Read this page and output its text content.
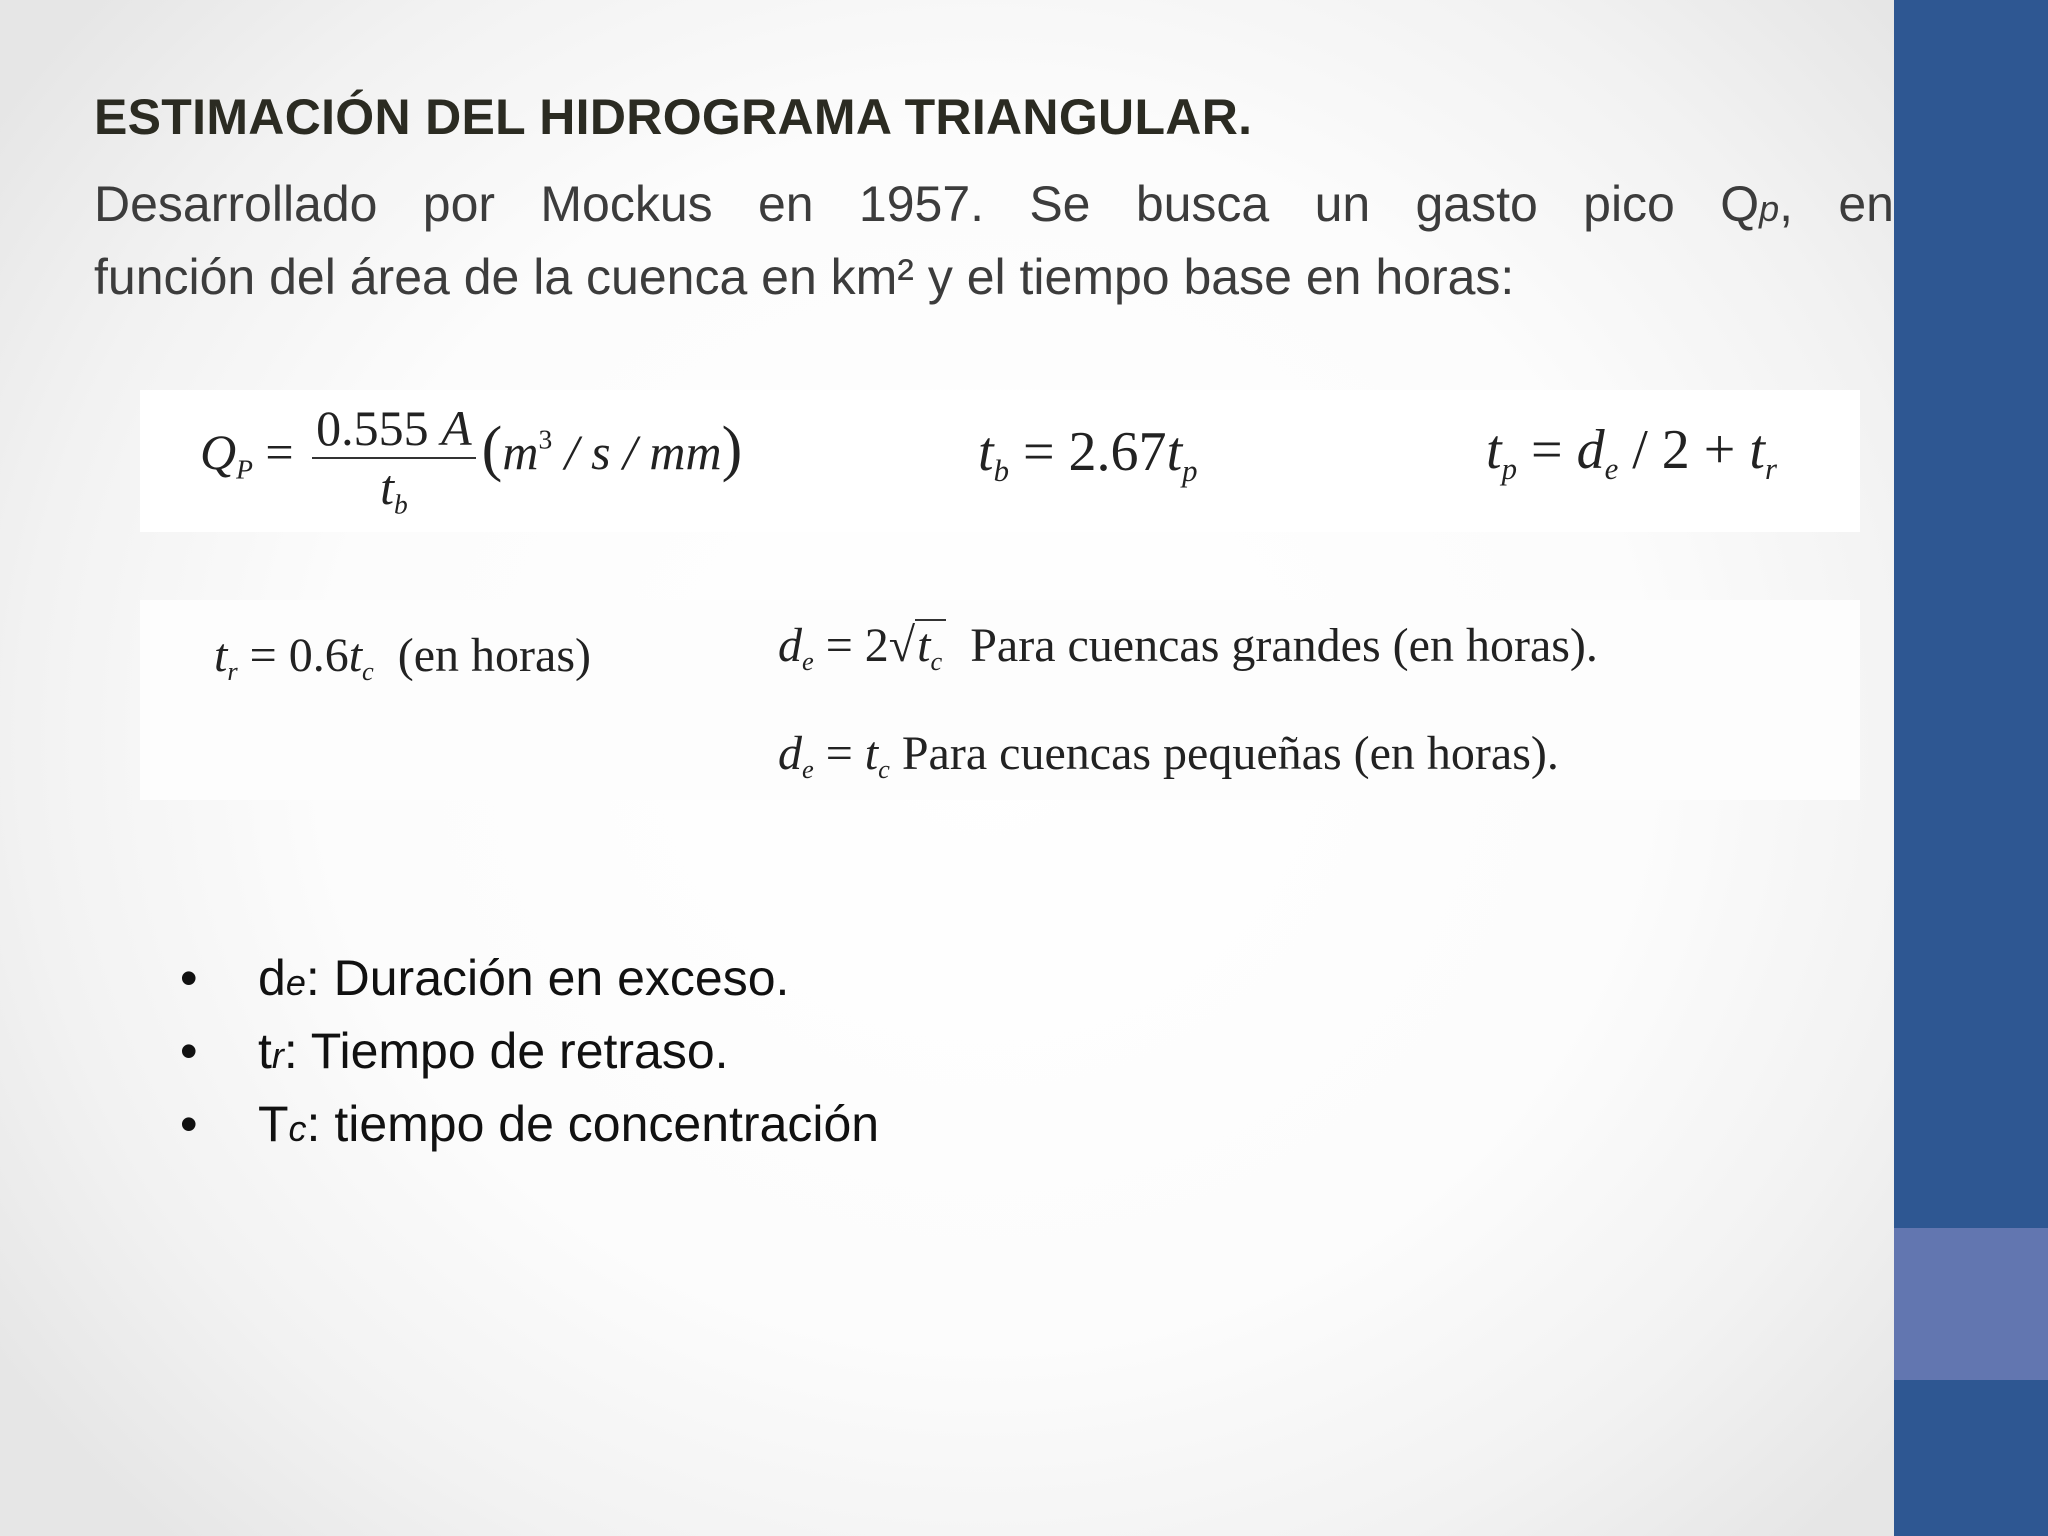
ESTIMACIÓN DEL HIDROGRAMA TRIANGULAR.
Desarrollado por Mockus en 1957. Se busca un gasto pico Qp, en
función del área de la cuenca en km² y el tiempo base en horas:
$Q_P = \frac{0.555 A}{t_b} (m^3 / s / mm)$	$t_b = 2.67t_p$	$t_p = d_e / 2 + t_r$
$t_r = 0.6t_c$ (en horas)	$d_e = 2√t_c$ Para cuencas grandes (en horas).
$d_e = t_c$ Para cuencas pequeñas (en horas).
• de: Duración en exceso.
• tr: Tiempo de retraso.
• Tc: tiempo de concentración
